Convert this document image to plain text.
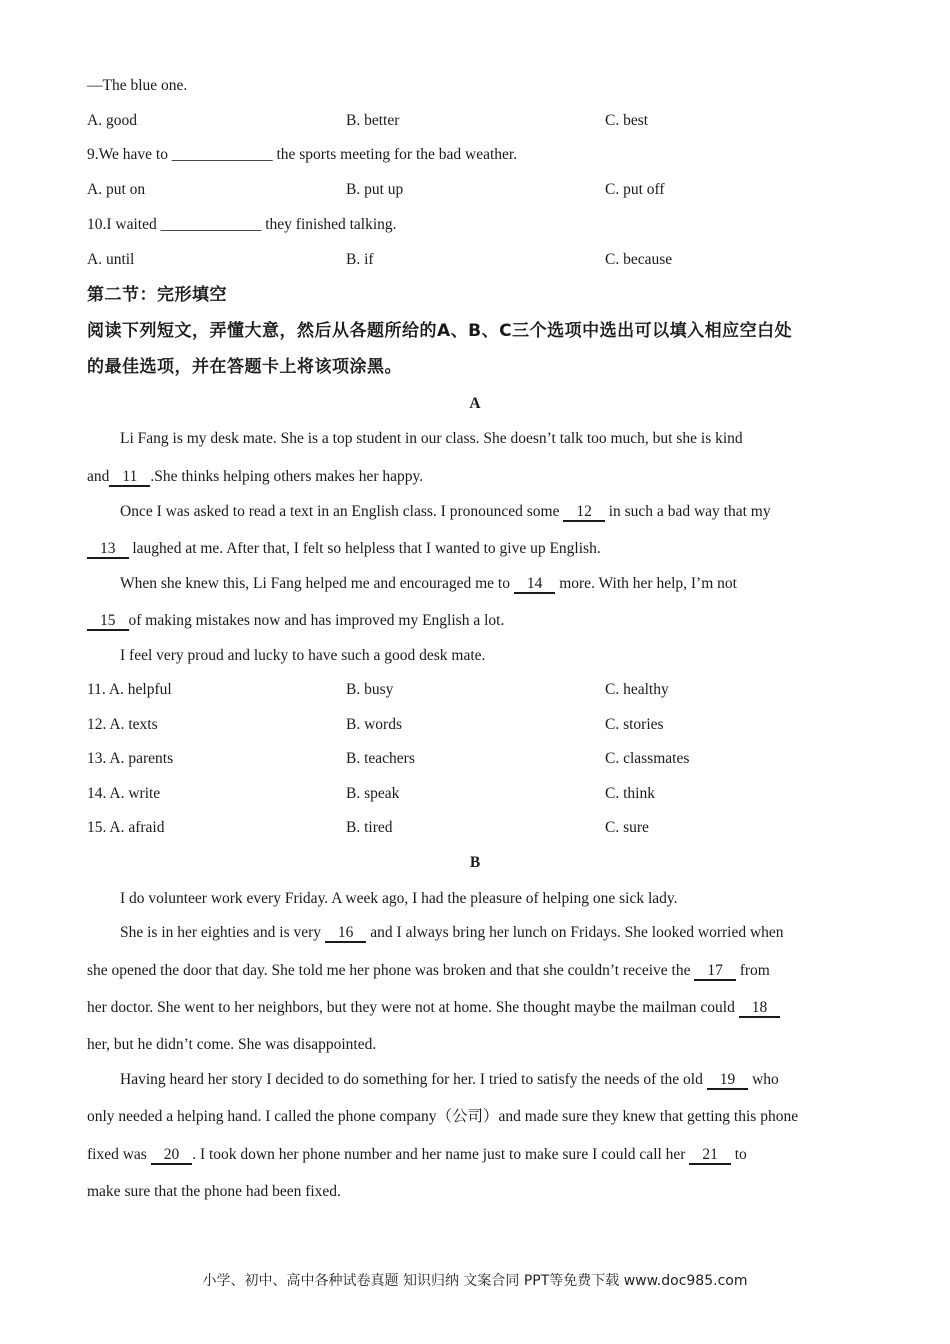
—The blue one.
A. good	B. better	C. best
9.We have to _____________ the sports meeting for the bad weather.
A. put on	B. put up	C. put off
10.I waited _____________ they finished talking.
A. until	B. if	C. because
第二节：完形填空
阅读下列短文，弄懂大意，然后从各题所给的A、B、C三个选项中选出可以填入相应空白处
的最佳选项，并在答题卡上将该项涂黑。
A
Li Fang is my desk mate. She is a top student in our class. She doesn’t talk too much, but she is kind
and 11 .She thinks helping others makes her happy.
Once I was asked to read a text in an English class. I pronounced some 12 in such a bad way that my
13 laughed at me. After that, I felt so helpless that I wanted to give up English.
When she knew this, Li Fang helped me and encouraged me to 14 more. With her help, I’m not
15 of making mistakes now and has improved my English a lot.
I feel very proud and lucky to have such a good desk mate.
11. A. helpful	B. busy	C. healthy
12. A. texts	B. words	C. stories
13. A. parents	B. teachers	C. classmates
14. A. write	B. speak	C. think
15. A. afraid	B. tired	C. sure
B
I do volunteer work every Friday. A week ago, I had the pleasure of helping one sick lady.
She is in her eighties and is very 16 and I always bring her lunch on Fridays. She looked worried when
she opened the door that day. She told me her phone was broken and that she couldn’t receive the 17 from
her doctor. She went to her neighbors, but they were not at home. She thought maybe the mailman could 18
her, but he didn’t come. She was disappointed.
Having heard her story I decided to do something for her. I tried to satisfy the needs of the old 19 who
only needed a helping hand. I called the phone company（公司）and made sure they knew that getting this phone
fixed was 20 . I took down her phone number and her name just to make sure I could call her 21 to
make sure that the phone had been fixed.
小学、初中、高中各种试卷真题 知识归纳 文案合同 PPT等免费下载 www.doc985.com
